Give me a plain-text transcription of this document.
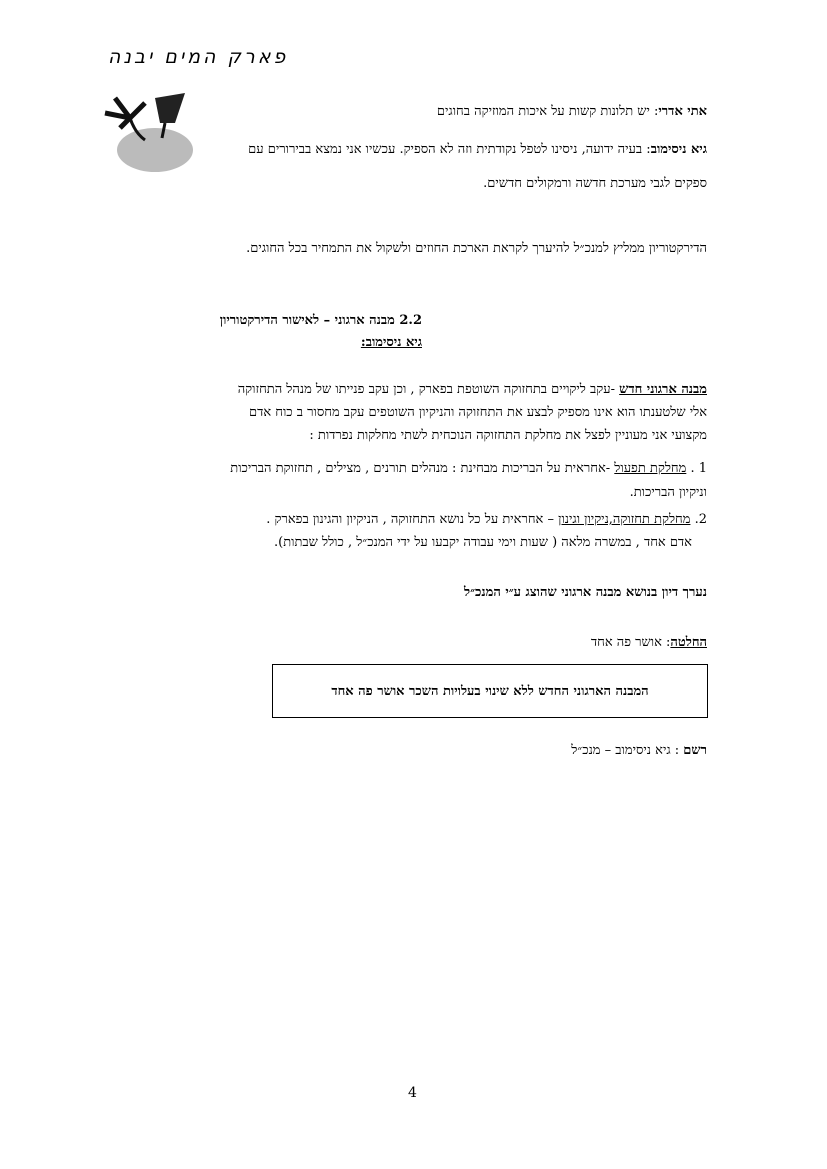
פארק המים יבנה
אתי אדרי: יש תלונות קשות על איכות המוזיקה בחוגים
גיא ניסימוב: בעיה ידועה, ניסינו לטפל נקודתית וזה לא הספיק. עכשיו אני נמצא בבירורים עם
ספקים לגבי מערכת חדשה ורמקולים חדשים.
הדירקטוריון ממליץ למנכ״ל להיערך לקראת הארכת החוזים ולשקול את התמחיר בכל החוגים.
2.2 מבנה ארגוני – לאישור הדירקטוריון
גיא ניסימוב:
מבנה ארגוני חדש -עקב ליקויים בתחזוקה השוטפת בפארק , וכן עקב פנייתו של מנהל התחזוקה
אלי שלטענתו הוא אינו מספיק לבצע את התחזוקה והניקיון השוטפים עקב מחסור ב כוח אדם
מקצועי אני מעוניין לפצל את מחלקת התחזוקה הנוכחית לשתי מחלקות נפרדות :
1 . מחלקת תפעול -אחראית על הבריכות מבחינת : מנהלים תורנים , מצילים , תחזוקת הבריכות
וניקיון הבריכות.
2. מחלקת תחזוקה,ניקיון וגינון – אחראית על כל נושא התחזוקה , הניקיון והגינון בפארק .
אדם אחד , במשרה מלאה ( שעות וימי עבודה יקבעו על ידי המנכ״ל , כולל שבתות).
נערך דיון בנושא מבנה ארגוני שהוצג ע״י המנכ״ל
החלטה: אושר פה אחד
המבנה הארגוני החדש ללא שינוי בעלויות השכר אושר פה אחד
רשם : גיא ניסימוב – מנכ״ל
4
